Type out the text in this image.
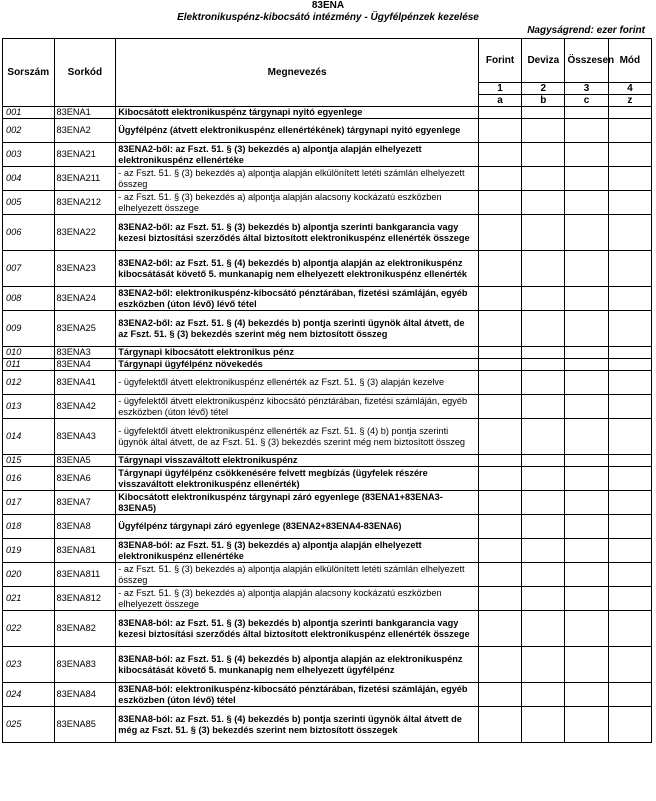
83ENA
Elektronikuspénz-kibocsátó intézmény - Ügyfélpénzek kezelése
Nagyságrend: ezer forint
Sorszám	Sorkód	Megnevezés	Forint	Deviza	Összesen	Mód
			1	2	3	4
			a	b	c	z
001	83ENA1	Kibocsátott elektronikuspénz tárgynapi nyitó egyenlege				
002	83ENA2	Ügyfélpénz (átvett elektronikuspénz ellenértékének) tárgynapi nyitó egyenlege				
003	83ENA21	83ENA2-ből: az Fszt. 51. § (3) bekezdés a) alpontja alapján elhelyezett elektronikuspénz ellenértéke				
004	83ENA211	- az Fszt. 51. § (3) bekezdés a) alpontja alapján elkülönített letéti számlán elhelyezett összeg				
005	83ENA212	- az Fszt. 51. § (3) bekezdés a) alpontja alapján alacsony kockázatú eszközben elhelyezett összege				
006	83ENA22	83ENA2-ből: az Fszt. 51. § (3) bekezdés b) alpontja szerinti bankgarancia vagy kezesi biztosítási szerződés által biztosított elektronikuspénz ellenérték összege				
007	83ENA23	83ENA2-ből: az Fszt. 51. § (4) bekezdés b) alpontja alapján az elektronikuspénz kibocsátását követő 5. munkanapig nem elhelyezett elektronikuspénz ellenérték				
008	83ENA24	83ENA2-ből: elektronikuspénz-kibocsátó pénztárában, fizetési számláján, egyéb eszközben (úton lévő) lévő tétel				
009	83ENA25	83ENA2-ből: az Fszt. 51. § (4) bekezdés b) pontja szerinti ügynök által átvett, de az Fszt. 51. § (3) bekezdés szerint még nem biztosított összeg				
010	83ENA3	Tárgynapi kibocsátott elektronikus pénz				
011	83ENA4	Tárgynapi ügyfélpénz növekedés				
012	83ENA41	- ügyfelektől átvett elektronikuspénz ellenérték az Fszt. 51. § (3) alapján kezelve				
013	83ENA42	- ügyfelektől átvett elektronikuspénz kibocsátó pénztárában, fizetési számláján, egyéb eszközben (úton lévő) tétel				
014	83ENA43	- ügyfelektől átvett elektronikuspénz ellenérték az Fszt. 51. § (4) b) pontja szerinti ügynök által átvett, de az Fszt. 51. § (3) bekezdés szerint még nem biztosított összeg				
015	83ENA5	Tárgynapi visszaváltott elektronikuspénz				
016	83ENA6	Tárgynapi ügyfélpénz csökkenésére felvett megbízás (ügyfelek részére visszaváltott elektronikuspénz ellenérték)				
017	83ENA7	Kibocsátott elektronikuspénz tárgynapi záró egyenlege (83ENA1+83ENA3-83ENA5)				
018	83ENA8	Ügyfélpénz tárgynapi záró egyenlege (83ENA2+83ENA4-83ENA6)				
019	83ENA81	83ENA8-ból: az Fszt. 51. § (3) bekezdés a) alpontja alapján elhelyezett elektronikuspénz ellenértéke				
020	83ENA811	- az Fszt. 51. § (3) bekezdés a) alpontja alapján elkülönített letéti számlán elhelyezett összeg				
021	83ENA812	- az Fszt. 51. § (3) bekezdés a) alpontja alapján alacsony kockázatú eszközben elhelyezett összege				
022	83ENA82	83ENA8-ból: az Fszt. 51. § (3) bekezdés b) alpontja szerinti bankgarancia vagy kezesi biztosítási szerződés által biztosított elektronikuspénz ellenérték összege				
023	83ENA83	83ENA8-ból: az Fszt. 51. § (4) bekezdés b) alpontja alapján az elektronikuspénz kibocsátását követő 5. munkanapig nem elhelyezett ügyfélpénz				
024	83ENA84	83ENA8-ból: elektronikuspénz-kibocsátó pénztárában, fizetési számláján, egyéb eszközben (úton lévő) tétel				
025	83ENA85	83ENA8-ból: az Fszt. 51. § (4) bekezdés b) pontja szerinti ügynök által átvett de még az Fszt. 51. § (3) bekezdés szerint nem biztosított összegek				
